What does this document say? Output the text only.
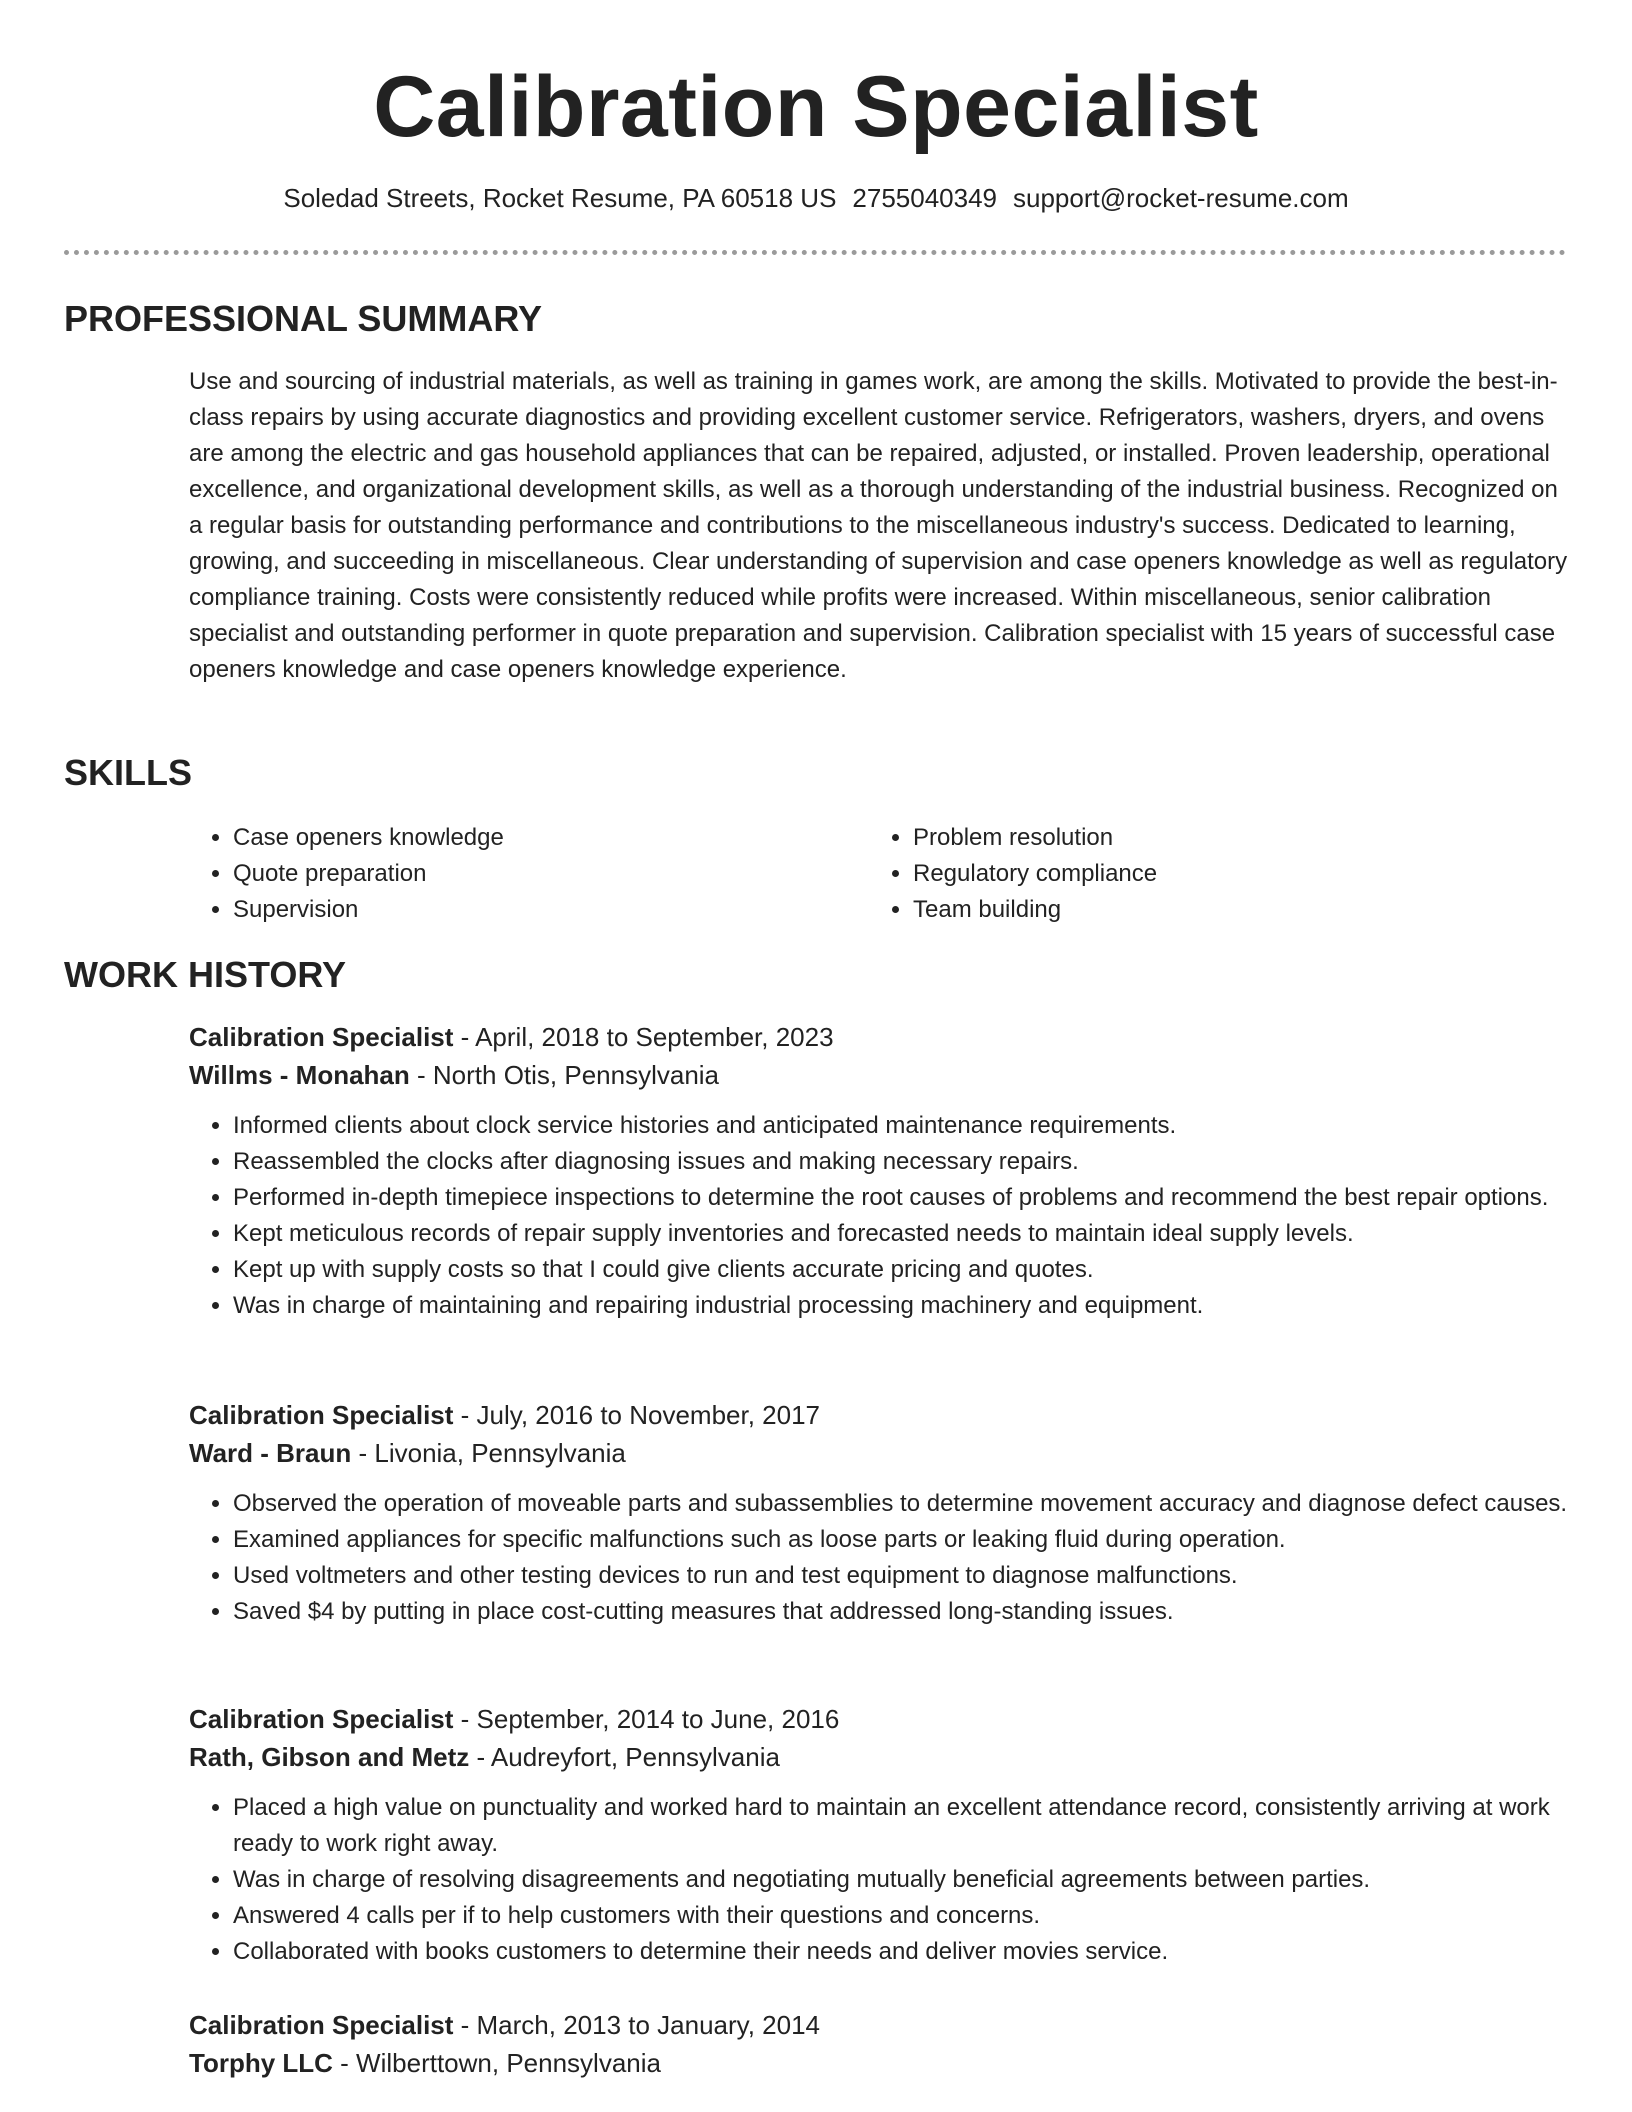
Calibration Specialist
Soledad Streets, Rocket Resume, PA 60518 US 2755040349 support@rocket-resume.com
PROFESSIONAL SUMMARY

Use and sourcing of industrial materials, as well as training in games work, are among the skills. Motivated to provide the best-in-class repairs by using accurate diagnostics and providing excellent customer service. Refrigerators, washers, dryers, and ovens are among the electric and gas household appliances that can be repaired, adjusted, or installed. Proven leadership, operational excellence, and organizational development skills, as well as a thorough understanding of the industrial business. Recognized on a regular basis for outstanding performance and contributions to the miscellaneous industry's success. Dedicated to learning, growing, and succeeding in miscellaneous. Clear understanding of supervision and case openers knowledge as well as regulatory compliance training. Costs were consistently reduced while profits were increased. Within miscellaneous, senior calibration specialist and outstanding performer in quote preparation and supervision. Calibration specialist with 15 years of successful case openers knowledge and case openers knowledge experience.

SKILLS
• Case openers knowledge
• Quote preparation
• Supervision
• Problem resolution
• Regulatory compliance
• Team building
WORK HISTORY
Calibration Specialist - April, 2018 to September, 2023
Willms - Monahan - North Otis, Pennsylvania
• Informed clients about clock service histories and anticipated maintenance requirements.
• Reassembled the clocks after diagnosing issues and making necessary repairs.
• Performed in-depth timepiece inspections to determine the root causes of problems and recommend the best repair options.
• Kept meticulous records of repair supply inventories and forecasted needs to maintain ideal supply levels.
• Kept up with supply costs so that I could give clients accurate pricing and quotes.
• Was in charge of maintaining and repairing industrial processing machinery and equipment.
Calibration Specialist - July, 2016 to November, 2017
Ward - Braun - Livonia, Pennsylvania
• Observed the operation of moveable parts and subassemblies to determine movement accuracy and diagnose defect causes.
• Examined appliances for specific malfunctions such as loose parts or leaking fluid during operation.
• Used voltmeters and other testing devices to run and test equipment to diagnose malfunctions.
• Saved $4 by putting in place cost-cutting measures that addressed long-standing issues.
Calibration Specialist - September, 2014 to June, 2016
Rath, Gibson and Metz - Audreyfort, Pennsylvania
• Placed a high value on punctuality and worked hard to maintain an excellent attendance record, consistently arriving at work ready to work right away.
• Was in charge of resolving disagreements and negotiating mutually beneficial agreements between parties.
• Answered 4 calls per if to help customers with their questions and concerns.
• Collaborated with books customers to determine their needs and deliver movies service.
Calibration Specialist - March, 2013 to January, 2014
Torphy LLC - Wilberttown, Pennsylvania
